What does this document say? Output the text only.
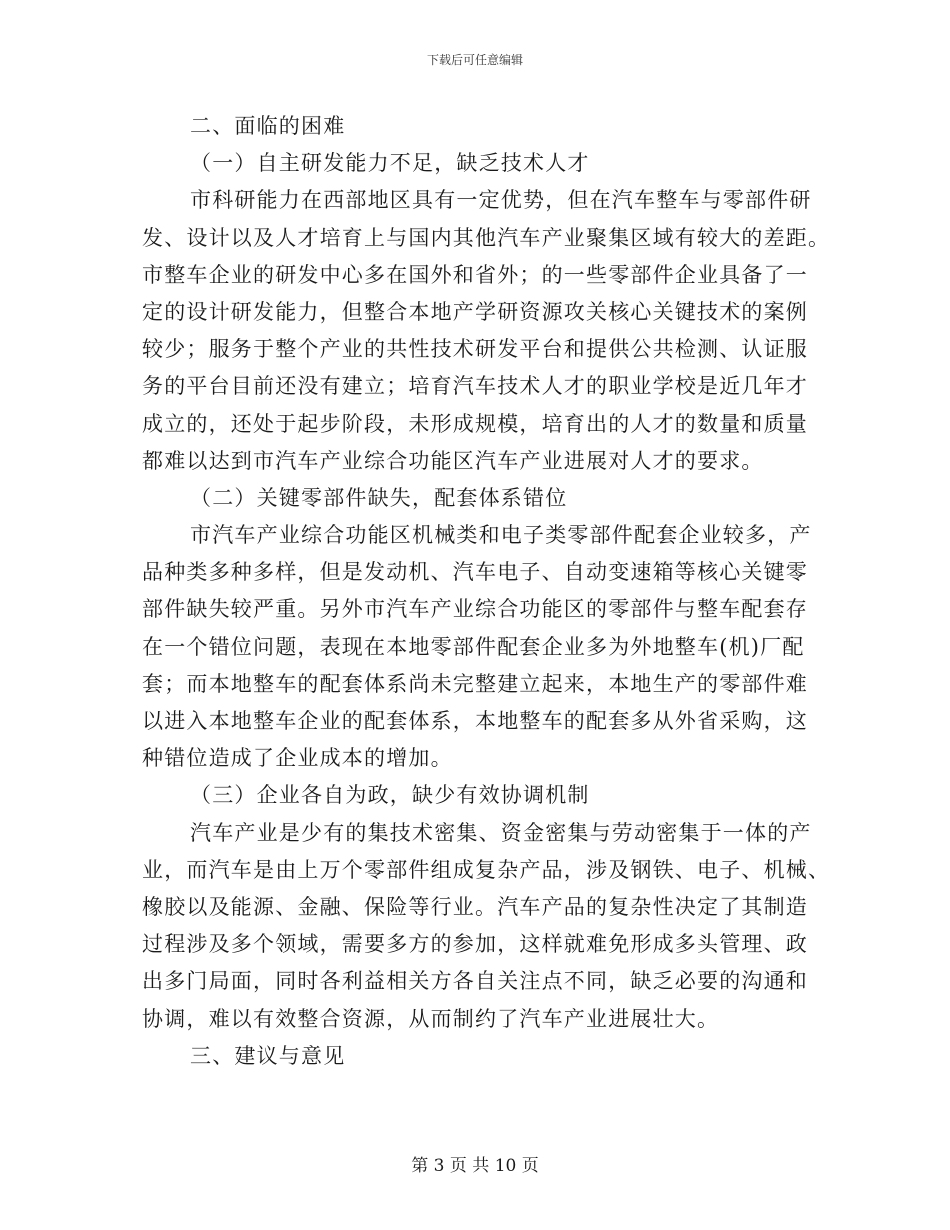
下载后可任意编辑
二、面临的困难
（一）自主研发能力不足，缺乏技术人才
市科研能力在西部地区具有一定优势，但在汽车整车与零部件研
发、设计以及人才培育上与国内其他汽车产业聚集区域有较大的差距。
市整车企业的研发中心多在国外和省外；的一些零部件企业具备了一
定的设计研发能力，但整合本地产学研资源攻关核心关键技术的案例
较少；服务于整个产业的共性技术研发平台和提供公共检测、认证服
务的平台目前还没有建立；培育汽车技术人才的职业学校是近几年才
成立的，还处于起步阶段，未形成规模，培育出的人才的数量和质量
都难以达到市汽车产业综合功能区汽车产业进展对人才的要求。
（二）关键零部件缺失，配套体系错位
市汽车产业综合功能区机械类和电子类零部件配套企业较多，产
品种类多种多样，但是发动机、汽车电子、自动变速箱等核心关键零
部件缺失较严重。另外市汽车产业综合功能区的零部件与整车配套存
在一个错位问题，表现在本地零部件配套企业多为外地整车(机)厂配
套；而本地整车的配套体系尚未完整建立起来，本地生产的零部件难
以进入本地整车企业的配套体系，本地整车的配套多从外省采购，这
种错位造成了企业成本的增加。
（三）企业各自为政，缺少有效协调机制
汽车产业是少有的集技术密集、资金密集与劳动密集于一体的产
业，而汽车是由上万个零部件组成复杂产品，涉及钢铁、电子、机械、
橡胶以及能源、金融、保险等行业。汽车产品的复杂性决定了其制造
过程涉及多个领域，需要多方的参加，这样就难免形成多头管理、政
出多门局面，同时各利益相关方各自关注点不同，缺乏必要的沟通和
协调，难以有效整合资源，从而制约了汽车产业进展壮大。
三、建议与意见
第 3 页 共 10 页
